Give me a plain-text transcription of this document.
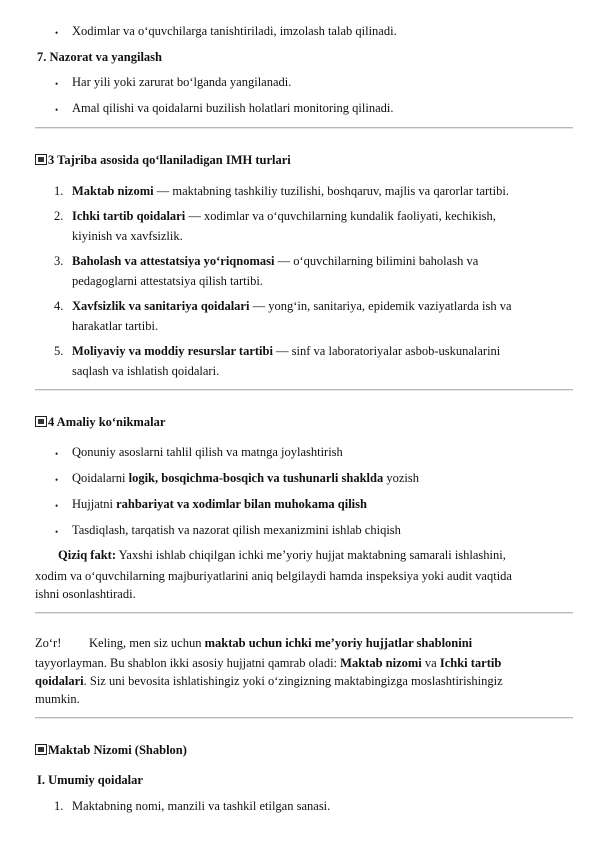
• Xodimlar va o‘quvchilarga tanishtiriladi, imzolash talab qilinadi.
7. Nazorat va yangilash
• Har yili yoki zarurat bo‘lganda yangilanadi.
• Amal qilishi va qoidalarni buzilish holatlari monitoring qilinadi.
3 Tajriba asosida qo‘llaniladigan IMH turlari
1. Maktab nizomi — maktabning tashkiliy tuzilishi, boshqaruv, majlis va qarorlar tartibi.
2. Ichki tartib qoidalari — xodimlar va o‘quvchilarning kundalik faoliyati, kechikish,
kiyinish va xavfsizlik.
3. Baholash va attestatsiya yo‘riqnomasi — o‘quvchilarning bilimini baholash va
pedagoglarni attestatsiya qilish tartibi.
4. Xavfsizlik va sanitariya qoidalari — yong‘in, sanitariya, epidemik vaziyatlarda ish va
harakatlar tartibi.
5. Moliyaviy va moddiy resurslar tartibi — sinf va laboratoriyalar asbob-uskunalarini
saqlash va ishlatish qoidalari.
4 Amaliy ko‘nikmalar
• Qonuniy asoslarni tahlil qilish va matnga joylashtirish
• Qoidalarni logik, bosqichma-bosqich va tushunarli shaklda yozish
• Hujjatni rahbariyat va xodimlar bilan muhokama qilish
• Tasdiqlash, tarqatish va nazorat qilish mexanizmini ishlab chiqish
Qiziq fakt: Yaxshi ishlab chiqilgan ichki me’yoriy hujjat maktabning samarali ishlashini,
xodim va o‘quvchilarning majburiyatlarini aniq belgilaydi hamda inspeksiya yoki audit vaqtida
ishni osonlashtiradi.
Zo‘r! Keling, men siz uchun maktab uchun ichki me’yoriy hujjatlar shablonini
tayyorlayman. Bu shablon ikki asosiy hujjatni qamrab oladi: Maktab nizomi va Ichki tartib
qoidalari. Siz uni bevosita ishlatishingiz yoki o‘zingizning maktabingizga moslashtirishingiz
mumkin.
Maktab Nizomi (Shablon)
I. Umumiy qoidalar
1. Maktabning nomi, manzili va tashkil etilgan sanasi.
